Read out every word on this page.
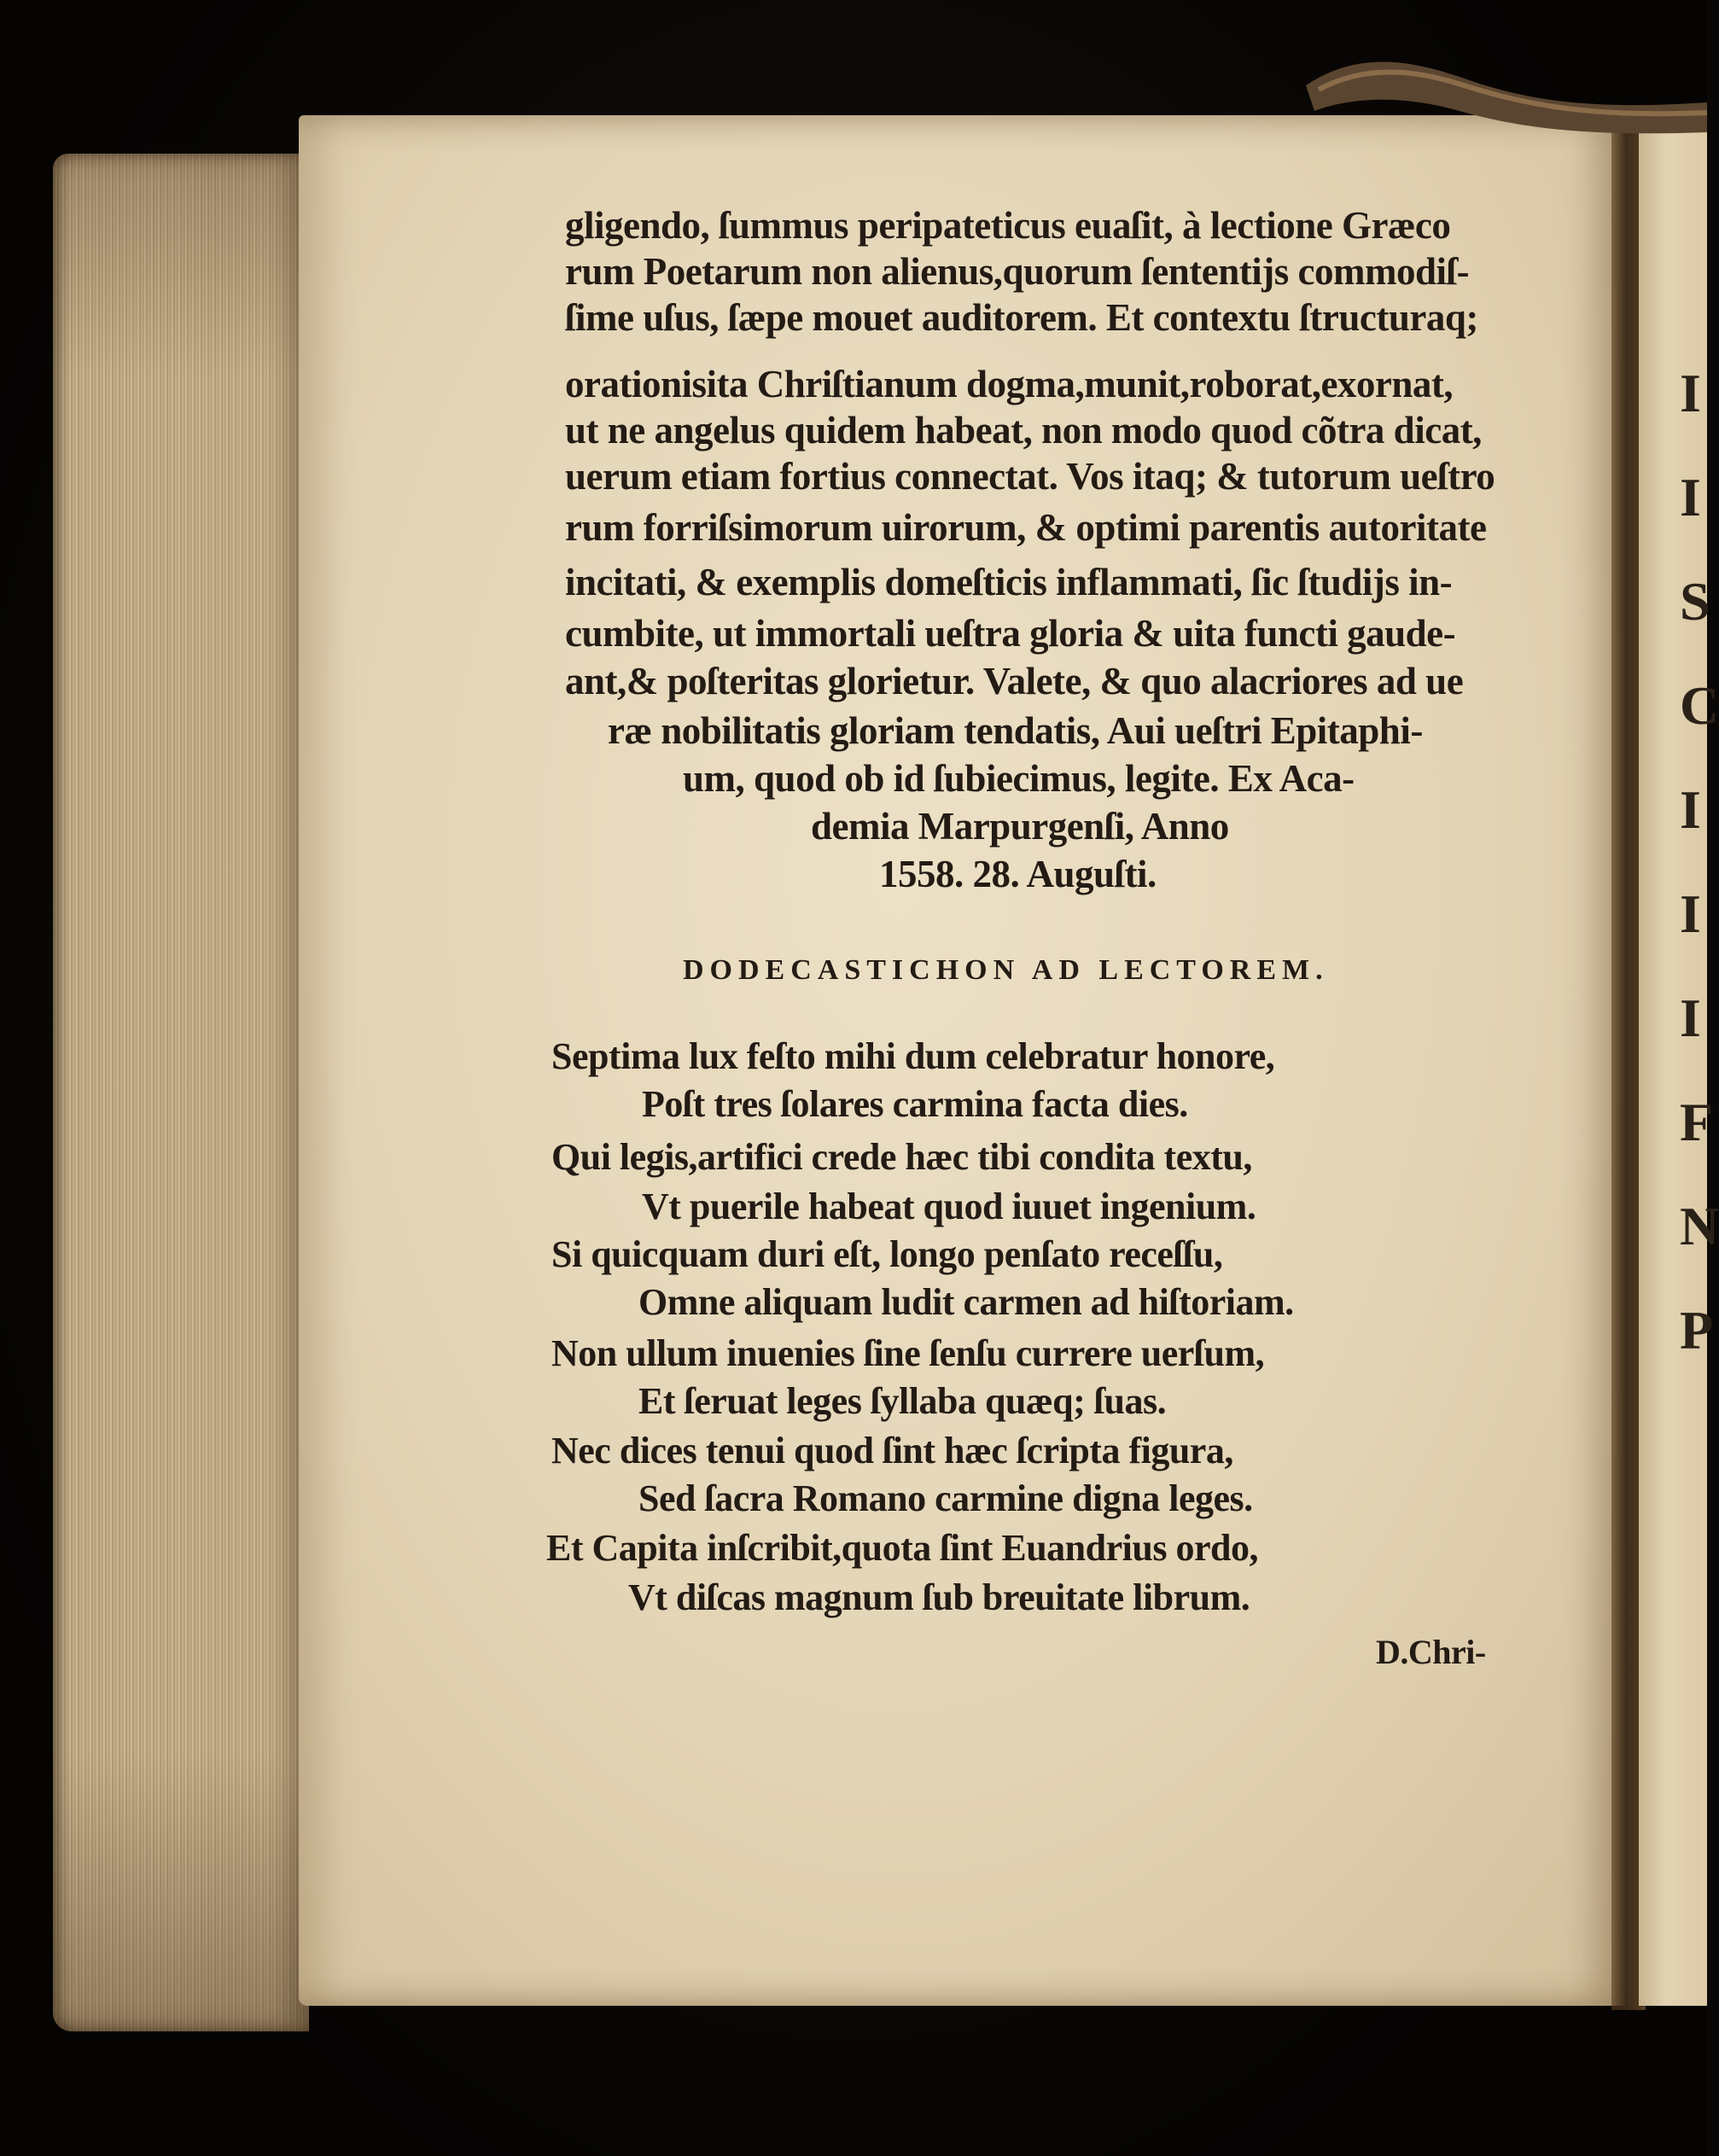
I
I
S
C
I
I
I
F
N
P

gligendo, ſummus peripateticus euaſit, à lectione Græco

rum Poetarum non alienus,quorum ſententijs commodiſ-

ſime uſus, ſæpe mouet auditorem. Et contextu ſtructuraq;

orationisita Chriſtianum dogma,munit,roborat,exornat,

ut ne angelus quidem habeat, non modo quod cõtra dicat,

uerum etiam fortius connectat. Vos itaq; & tutorum ueſtro

rum forriſsimorum uirorum, & optimi parentis autoritate

incitati, & exemplis domeſticis inflammati, ſic ſtudijs in-

cumbite, ut immortali ueſtra gloria & uita functi gaude-

ant,& poſteritas glorietur. Valete, & quo alacriores ad ue

ræ nobilitatis gloriam tendatis, Aui ueſtri Epitaphi-

um, quod ob id ſubiecimus, legite. Ex Aca-

demia Marpurgenſi, Anno

1558. 28. Auguſti.

DODECASTICHON AD LECTOREM.

Septima lux feſto mihi dum celebratur honore,

Poſt tres ſolares carmina facta dies.

Qui legis,artifici crede hæc tibi condita textu,

Vt puerile habeat quod iuuet ingenium.

Si quicquam duri eſt, longo penſato receſſu,

Omne aliquam ludit carmen ad hiſtoriam.

Non ullum inuenies ſine ſenſu currere uerſum,

Et ſeruat leges ſyllaba quæq; ſuas.

Nec dices tenui quod ſint hæc ſcripta figura,

Sed ſacra Romano carmine digna leges.

Et Capita inſcribit,quota ſint Euandrius ordo,

Vt diſcas magnum ſub breuitate librum.

D.Chri-
